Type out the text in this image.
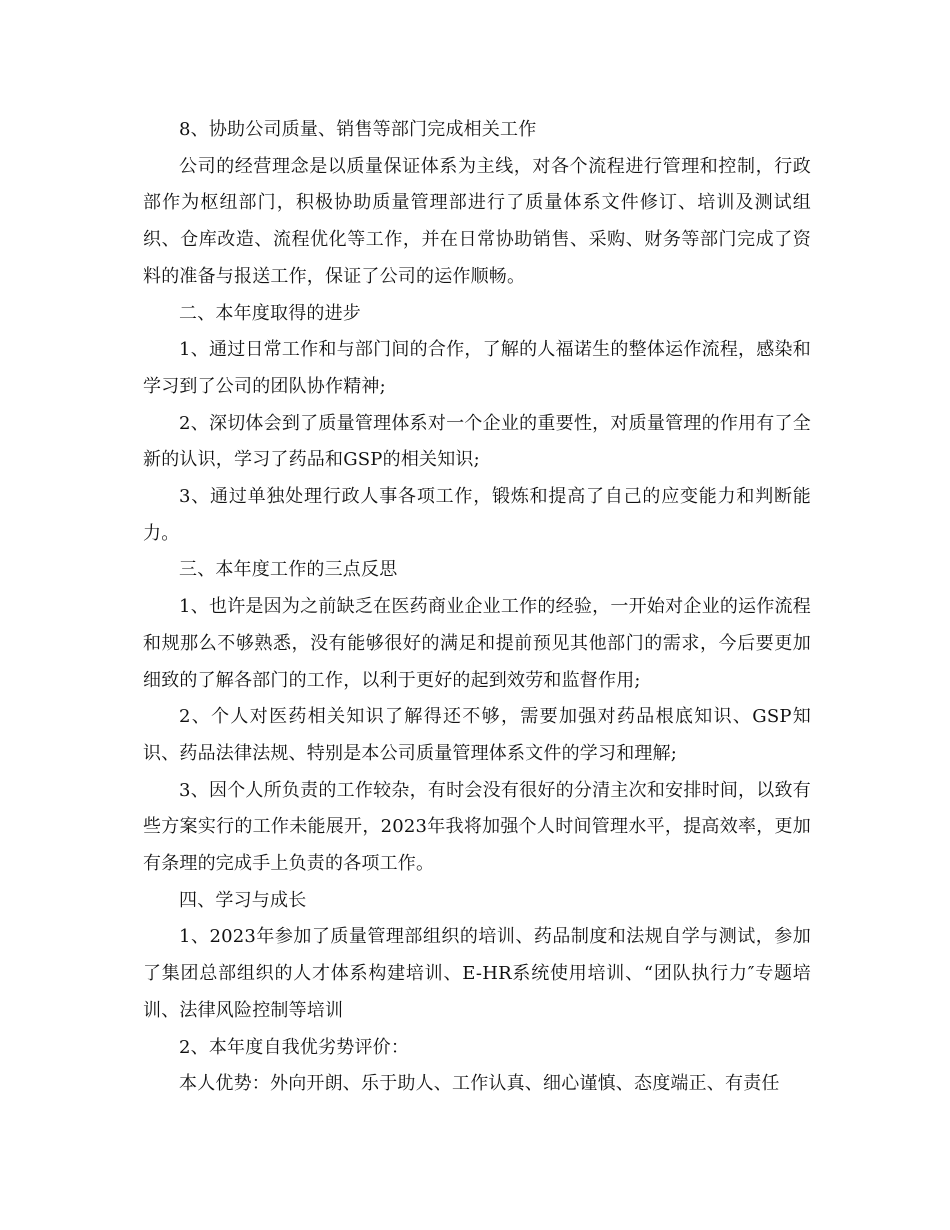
8、协助公司质量、销售等部门完成相关工作

公司的经营理念是以质量保证体系为主线，对各个流程进行管理和控制，行政部作为枢纽部门，积极协助质量管理部进行了质量体系文件修订、培训及测试组织、仓库改造、流程优化等工作，并在日常协助销售、采购、财务等部门完成了资料的准备与报送工作，保证了公司的运作顺畅。

二、本年度取得的进步

1、通过日常工作和与部门间的合作，了解的人福诺生的整体运作流程，感染和学习到了公司的团队协作精神;

2、深切体会到了质量管理体系对一个企业的重要性，对质量管理的作用有了全新的认识，学习了药品和GSP的相关知识;

3、通过单独处理行政人事各项工作，锻炼和提高了自己的应变能力和判断能力。

三、本年度工作的三点反思

1、也许是因为之前缺乏在医药商业企业工作的经验，一开始对企业的运作流程和规那么不够熟悉，没有能够很好的满足和提前预见其他部门的需求，今后要更加细致的了解各部门的工作，以利于更好的起到效劳和监督作用;

2、个人对医药相关知识了解得还不够，需要加强对药品根底知识、GSP知识、药品法律法规、特别是本公司质量管理体系文件的学习和理解;

3、因个人所负责的工作较杂，有时会没有很好的分清主次和安排时间，以致有些方案实行的工作未能展开，2023年我将加强个人时间管理水平，提高效率，更加有条理的完成手上负责的各项工作。

四、学习与成长

1、2023年参加了质量管理部组织的培训、药品制度和法规自学与测试，参加了集团总部组织的人才体系构建培训、E-HR系统使用培训、“团队执行力″专题培训、法律风险控制等培训

2、本年度自我优劣势评价：

本人优势：外向开朗、乐于助人、工作认真、细心谨慎、态度端正、有责任
